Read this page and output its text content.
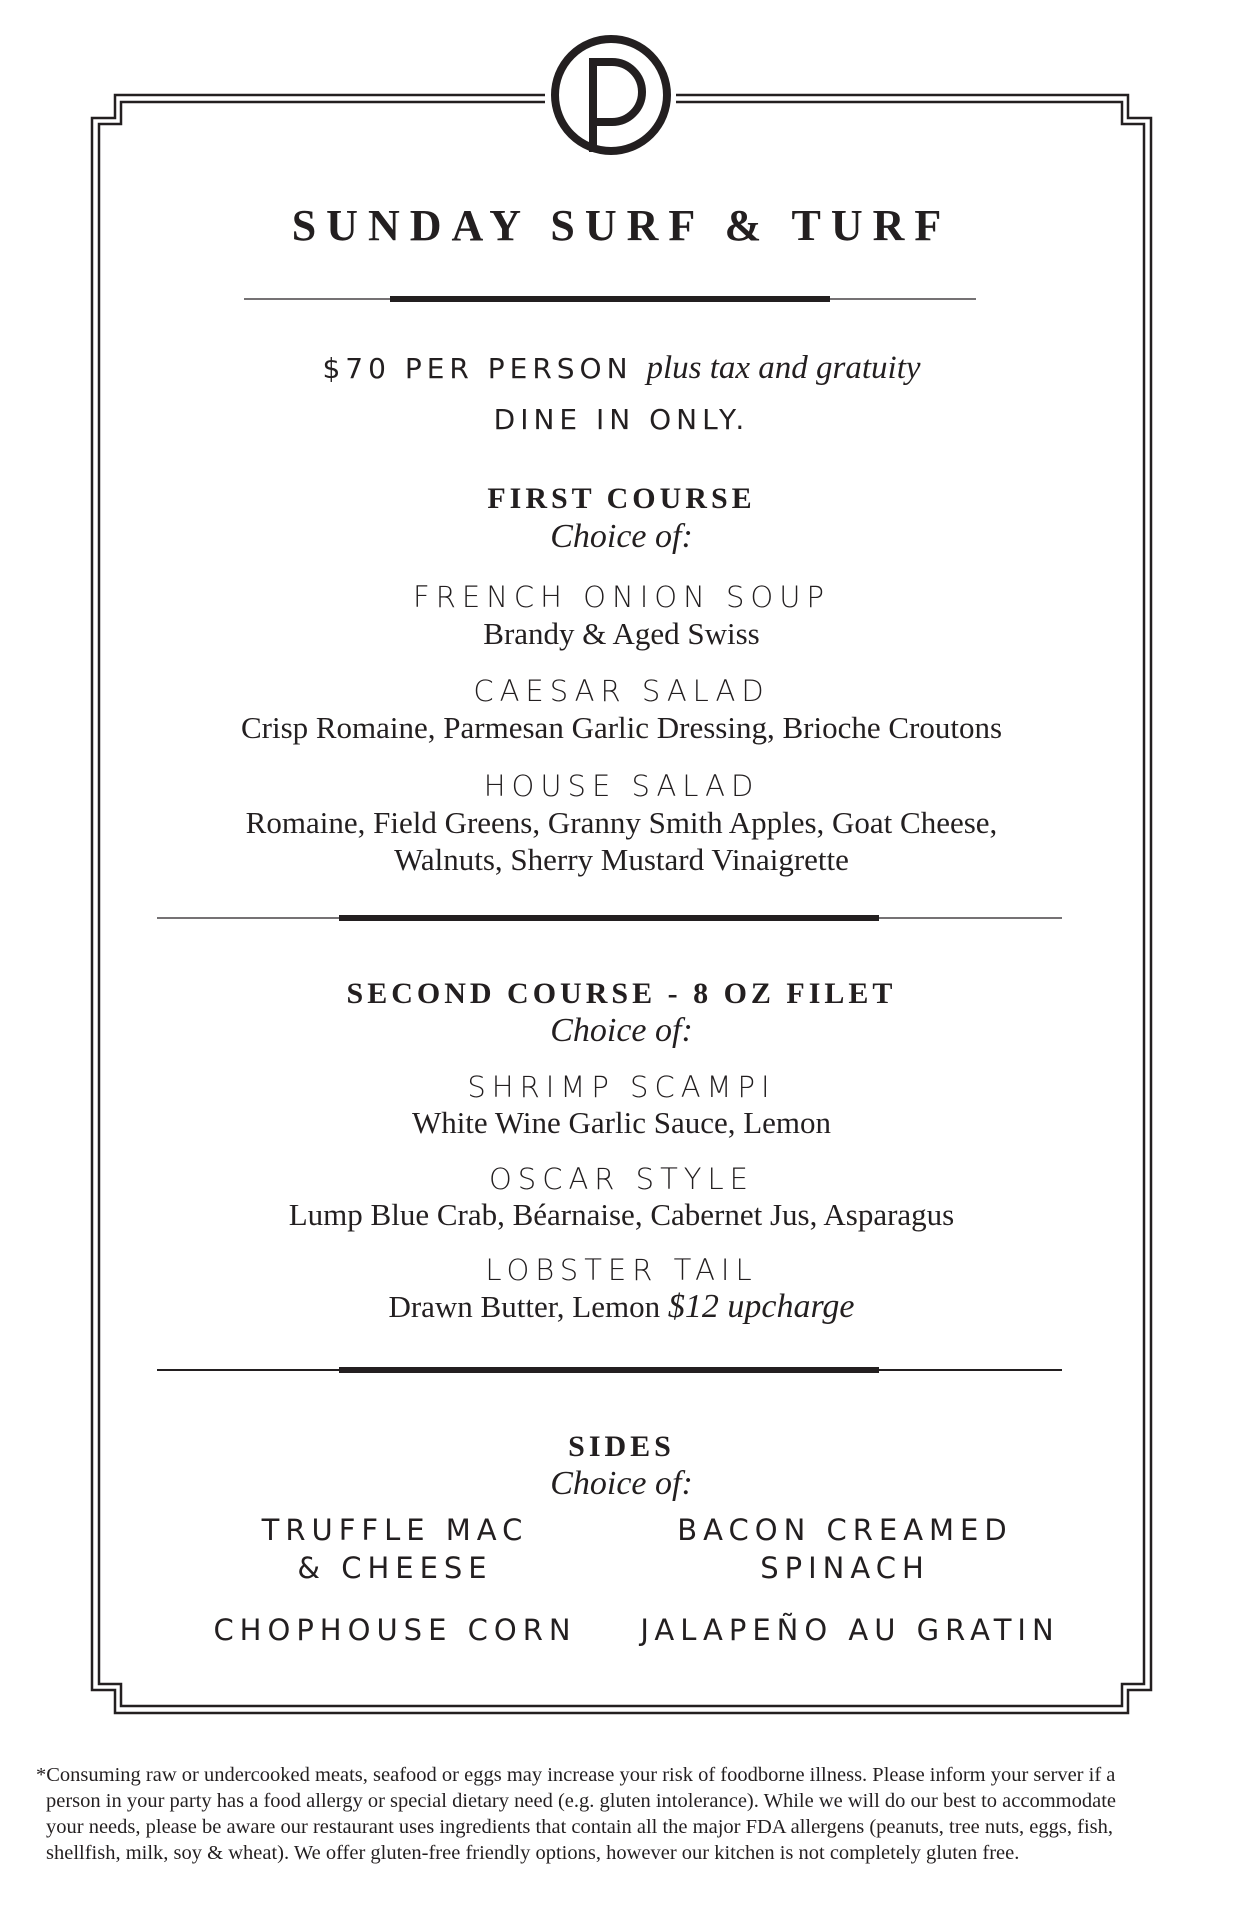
SUNDAY SURF & TURF
$70 PER PERSON plus tax and gratuity
DINE IN ONLY.
FIRST COURSE
Choice of:
FRENCH ONION SOUP
Brandy & Aged Swiss
CAESAR SALAD
Crisp Romaine, Parmesan Garlic Dressing, Brioche Croutons
HOUSE SALAD
Romaine, Field Greens, Granny Smith Apples, Goat Cheese,
Walnuts, Sherry Mustard Vinaigrette
SECOND COURSE - 8 OZ FILET
Choice of:
SHRIMP SCAMPI
White Wine Garlic Sauce, Lemon
OSCAR STYLE
Lump Blue Crab, Béarnaise, Cabernet Jus, Asparagus
LOBSTER TAIL
Drawn Butter, Lemon $12 upcharge
SIDES
Choice of:
TRUFFLE MAC
& CHEESE
BACON CREAMED
SPINACH
CHOPHOUSE CORN	JALAPEÑO AU GRATIN
*Consuming raw or undercooked meats, seafood or eggs may increase your risk of foodborne illness. Please inform your server if a
person in your party has a food allergy or special dietary need (e.g. gluten intolerance). While we will do our best to accommodate
your needs, please be aware our restaurant uses ingredients that contain all the major FDA allergens (peanuts, tree nuts, eggs, fish,
shellfish, milk, soy & wheat). We offer gluten-free friendly options, however our kitchen is not completely gluten free.
